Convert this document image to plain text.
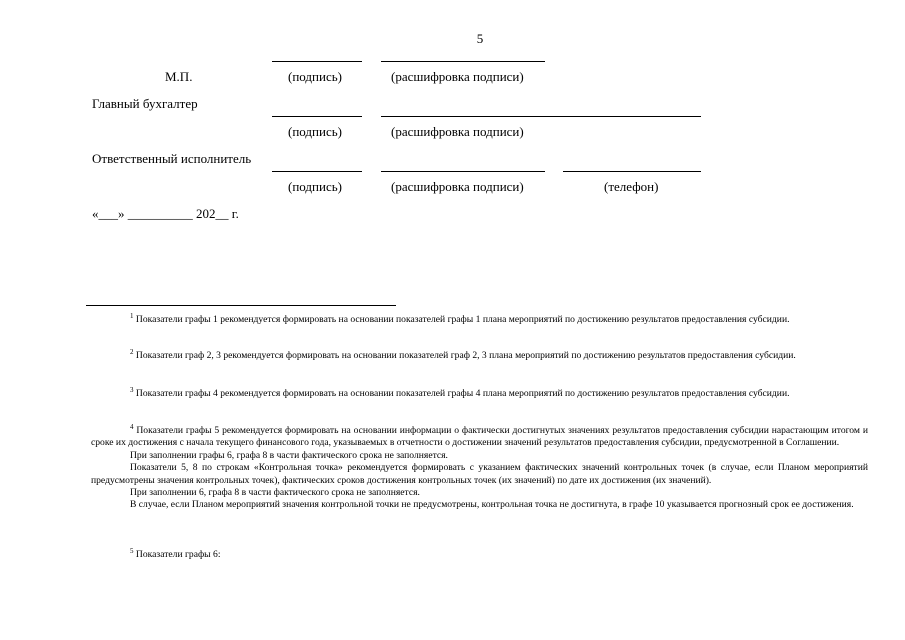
5
М.П.	(подпись)	(расшифровка подписи)
Главный бухгалтер
(подпись)	(расшифровка подписи)
Ответственный исполнитель
(подпись)	(расшифровка подписи)	(телефон)
«___» __________ 202__ г.

$^1$ Показатели графы 1 рекомендуется формировать на основании показателей графы 1 плана мероприятий по достижению результатов предоставления субсидии.

$^2$ Показатели граф 2, 3 рекомендуется формировать на основании показателей граф 2, 3 плана мероприятий по достижению результатов предоставления субсидии.

$^3$ Показатели графы 4 рекомендуется формировать на основании показателей графы 4 плана мероприятий по достижению результатов предоставления субсидии.

$^4$ Показатели графы 5 рекомендуется формировать на основании информации о фактически достигнутых значениях результатов предоставления субсидии нарастающим итогом и сроке их достижения с начала текущего финансового года, указываемых в отчетности о достижении значений результатов предоставления субсидии, предусмотренной в Соглашении.

При заполнении графы 6, графа 8 в части фактического срока не заполняется.

Показатели 5, 8 по строкам «Контрольная точка» рекомендуется формировать с указанием фактических значений контрольных точек (в случае, если Планом мероприятий предусмотрены значения контрольных точек), фактических сроков достижения контрольных точек (их значений) по дате их достижения (их значений).

При заполнении 6, графа 8 в части фактического срока не заполняется.

В случае, если Планом мероприятий значения контрольной точки не предусмотрены, контрольная точка не достигнута, в графе 10 указывается прогнозный срок ее достижения.

$^5$ Показатели графы 6:
